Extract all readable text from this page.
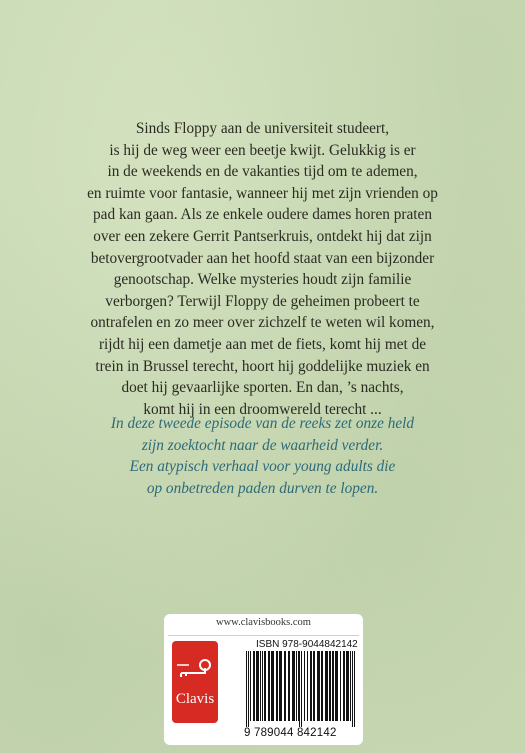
Sinds Floppy aan de universiteit studeert,
is hij de weg weer een beetje kwijt. Gelukkig is er
in de weekends en de vakanties tijd om te ademen,
en ruimte voor fantasie, wanneer hij met zijn vrienden op
pad kan gaan. Als ze enkele oudere dames horen praten
over een zekere Gerrit Pantserkruis, ontdekt hij dat zijn
betovergrootvader aan het hoofd staat van een bijzonder
genootschap. Welke mysteries houdt zijn familie
verborgen? Terwijl Floppy de geheimen probeert te
ontrafelen en zo meer over zichzelf te weten wil komen,
rijdt hij een dametje aan met de fiets, komt hij met de
trein in Brussel terecht, hoort hij goddelijke muziek en
doet hij gevaarlijke sporten. En dan, ’s nachts,
komt hij in een droomwereld terecht ...
In deze tweede episode van de reeks zet onze held
zijn zoektocht naar de waarheid verder.
Een atypisch verhaal voor young adults die
op onbetreden paden durven te lopen.
www.clavisbooks.com
Clavis
ISBN 978-9044842142
9 789044 842142
